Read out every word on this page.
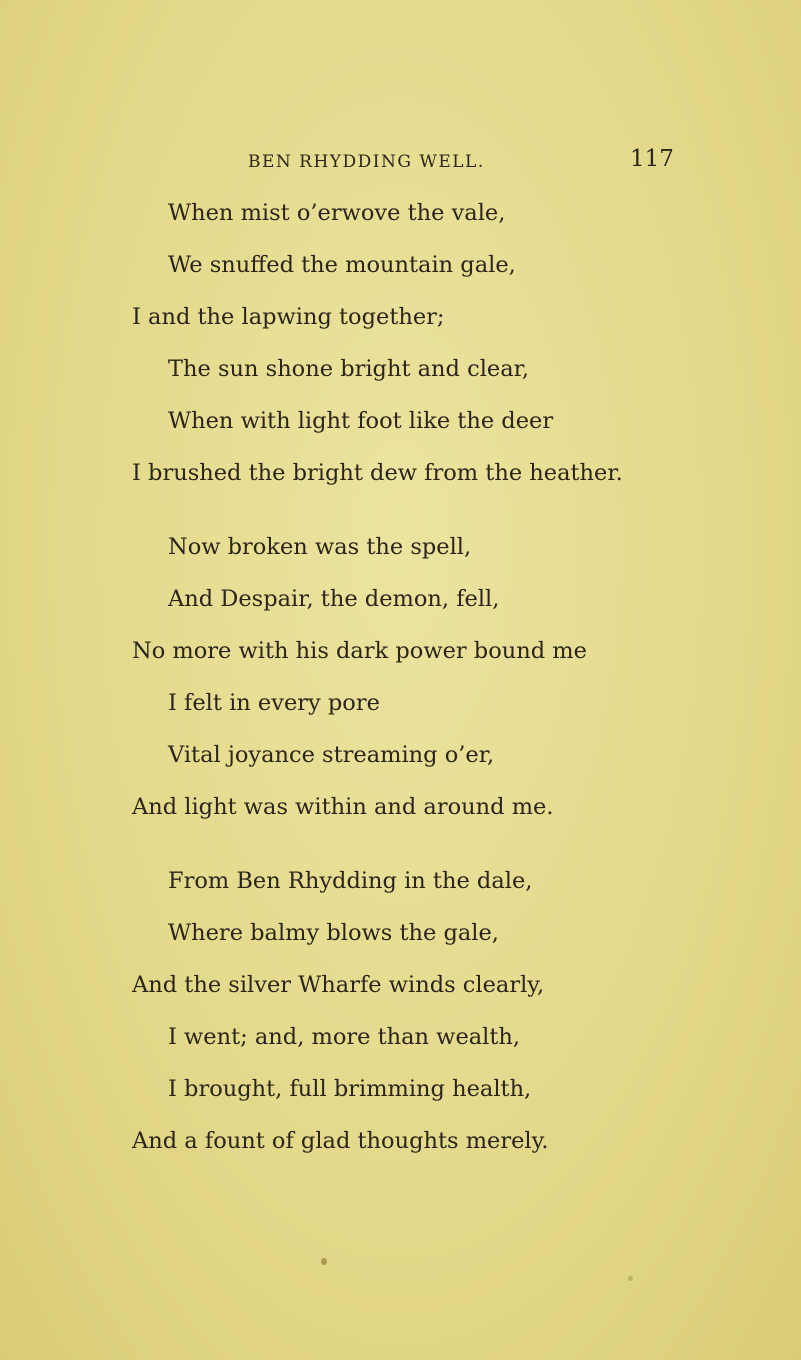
BEN RHYDDING WELL.	117
When mist o’erwove the vale,
We snuffed the mountain gale,
I and the lapwing together;
The sun shone bright and clear,
When with light foot like the deer
I brushed the bright dew from the heather.
Now broken was the spell,
And Despair, the demon, fell,
No more with his dark power bound me
I felt in every pore
Vital joyance streaming o’er,
And light was within and around me.
From Ben Rhydding in the dale,
Where balmy blows the gale,
And the silver Wharfe winds clearly,
I went; and, more than wealth,
I brought, full brimming health,
And a fount of glad thoughts merely.
